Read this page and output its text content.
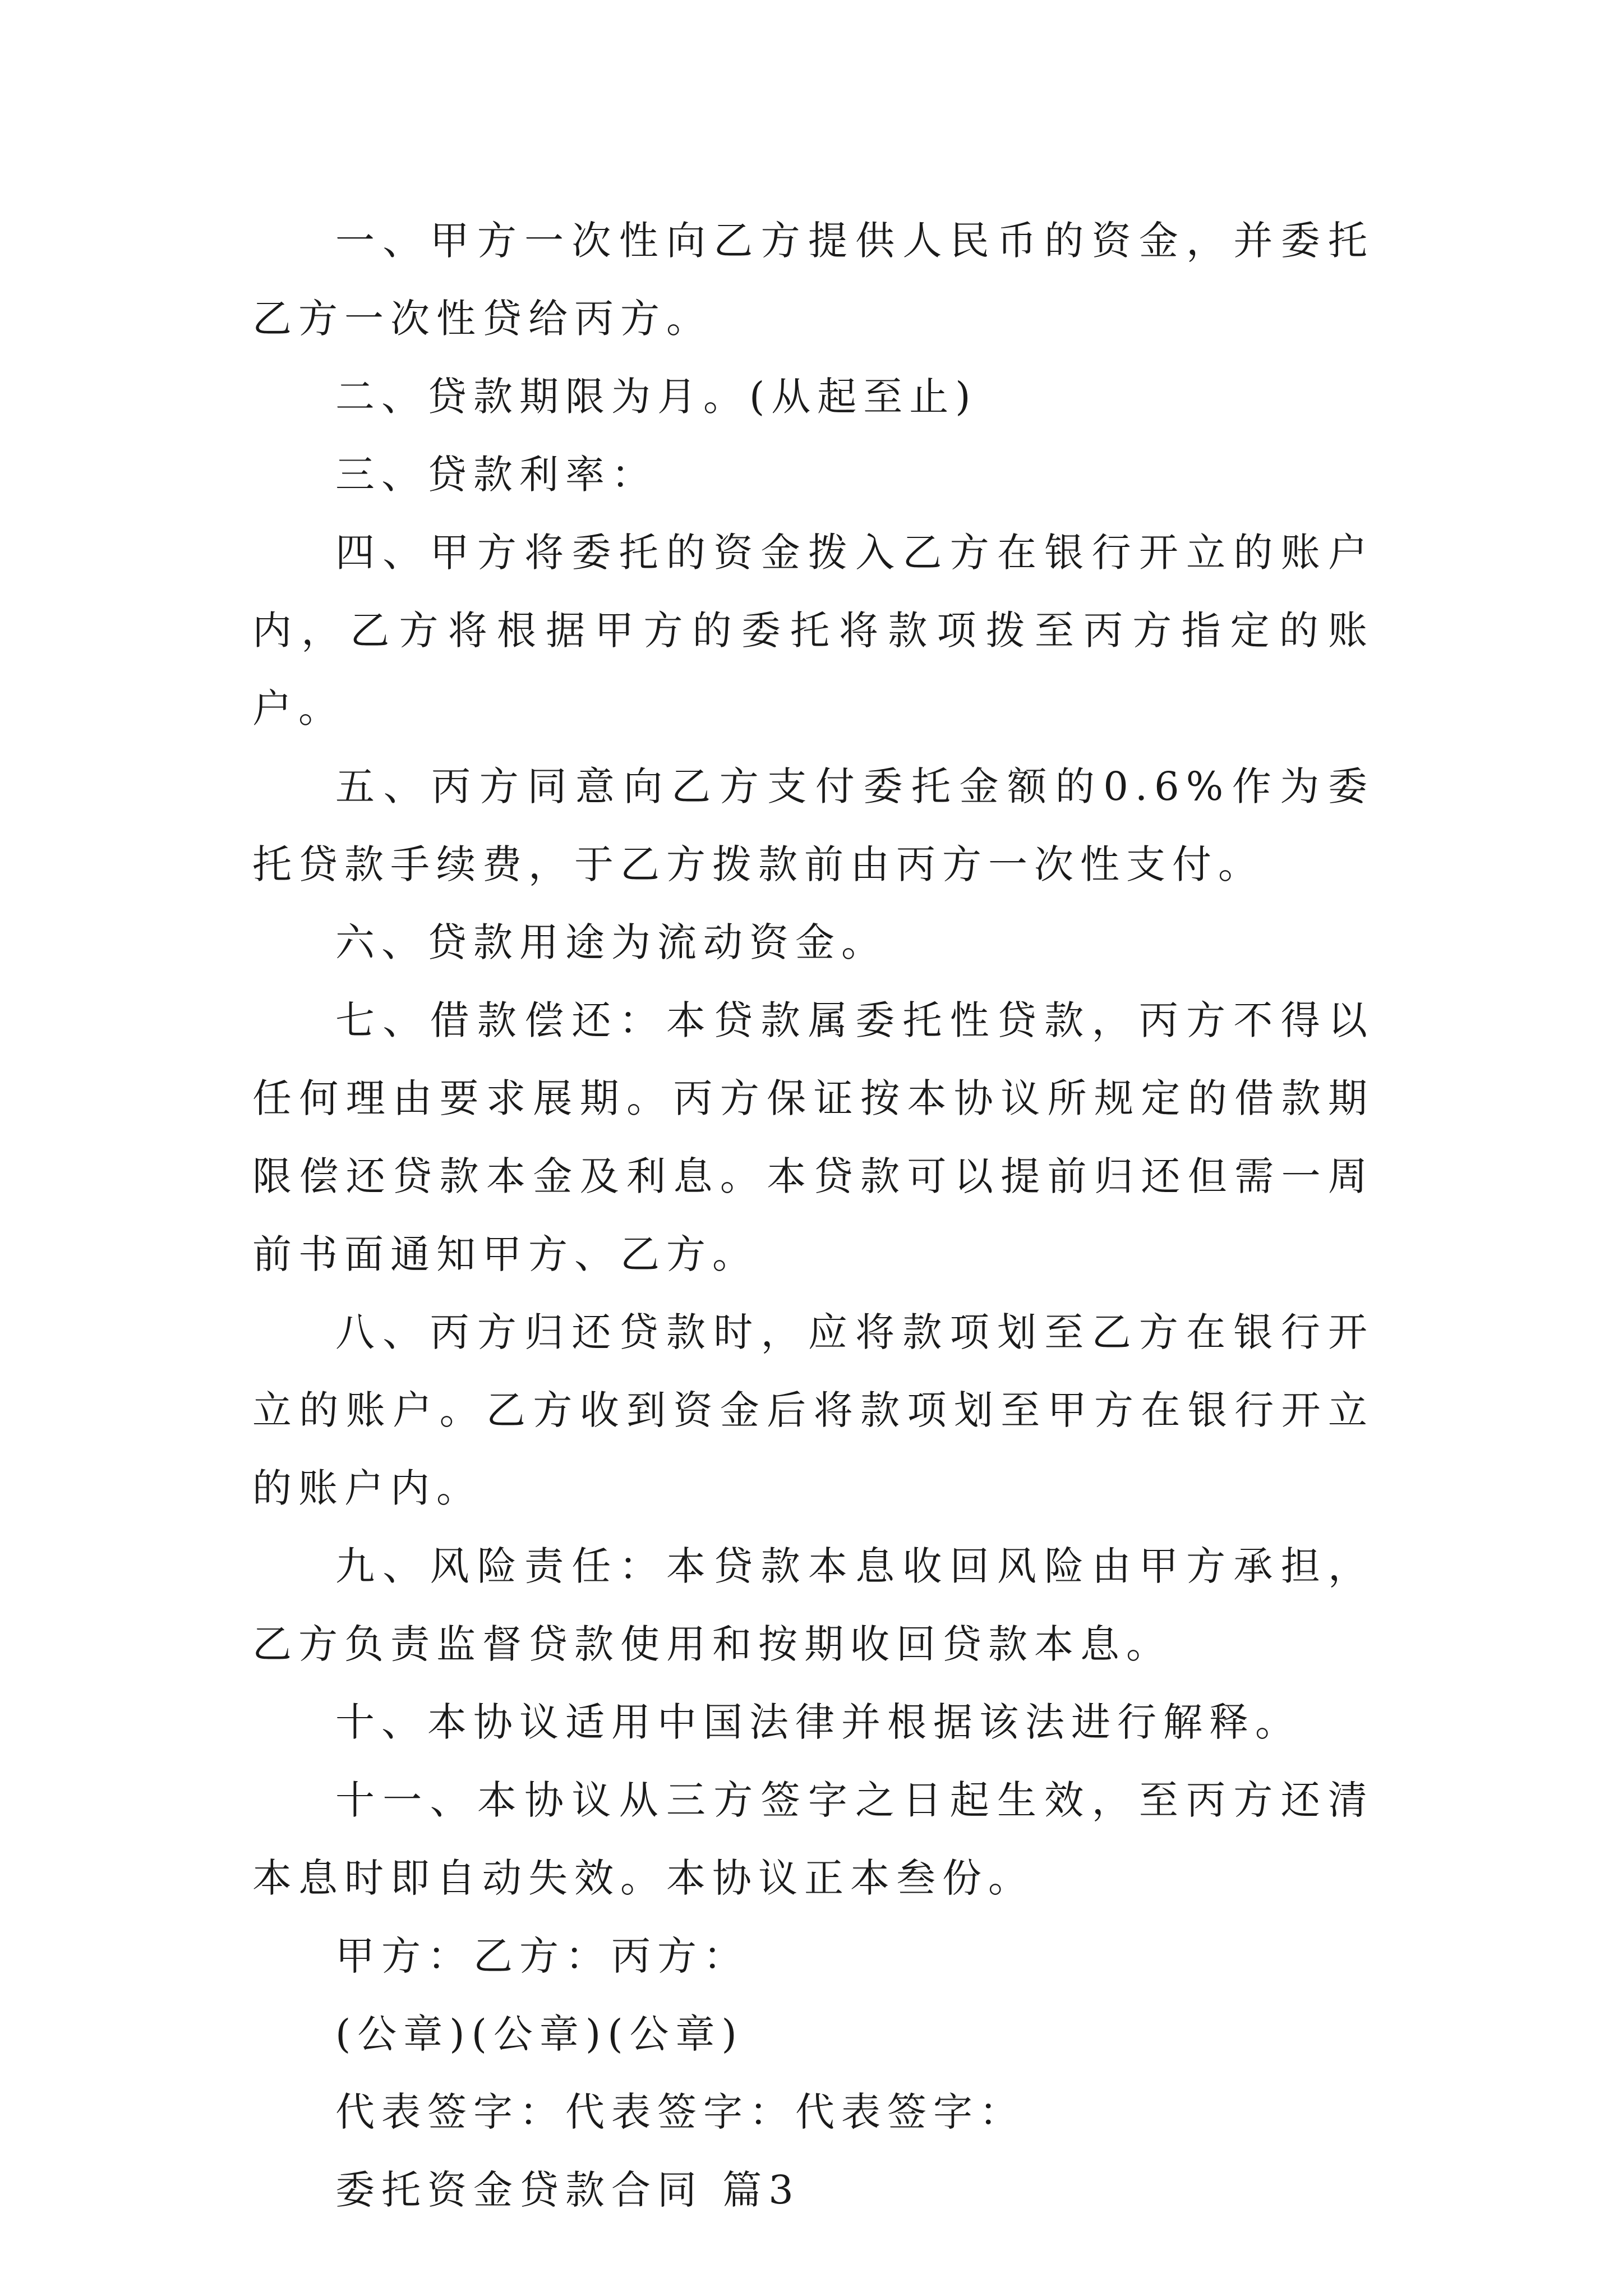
一、甲方一次性向乙方提供人民币的资金，并委托乙方一次性贷给丙方。

二、贷款期限为月。(从起至止)

三、贷款利率：

四、甲方将委托的资金拨入乙方在银行开立的账户内，乙方将根据甲方的委托将款项拨至丙方指定的账户。

五、丙方同意向乙方支付委托金额的0.6%作为委托贷款手续费，于乙方拨款前由丙方一次性支付。

六、贷款用途为流动资金。

七、借款偿还：本贷款属委托性贷款，丙方不得以任何理由要求展期。丙方保证按本协议所规定的借款期限偿还贷款本金及利息。本贷款可以提前归还但需一周前书面通知甲方、乙方。

八、丙方归还贷款时，应将款项划至乙方在银行开立的账户。乙方收到资金后将款项划至甲方在银行开立的账户内。

九、风险责任：本贷款本息收回风险由甲方承担，乙方负责监督贷款使用和按期收回贷款本息。

十、本协议适用中国法律并根据该法进行解释。

十一、本协议从三方签字之日起生效，至丙方还清本息时即自动失效。本协议正本叁份。

甲方：乙方：丙方：

(公章)(公章)(公章)

代表签字：代表签字：代表签字：

委托资金贷款合同 篇3
